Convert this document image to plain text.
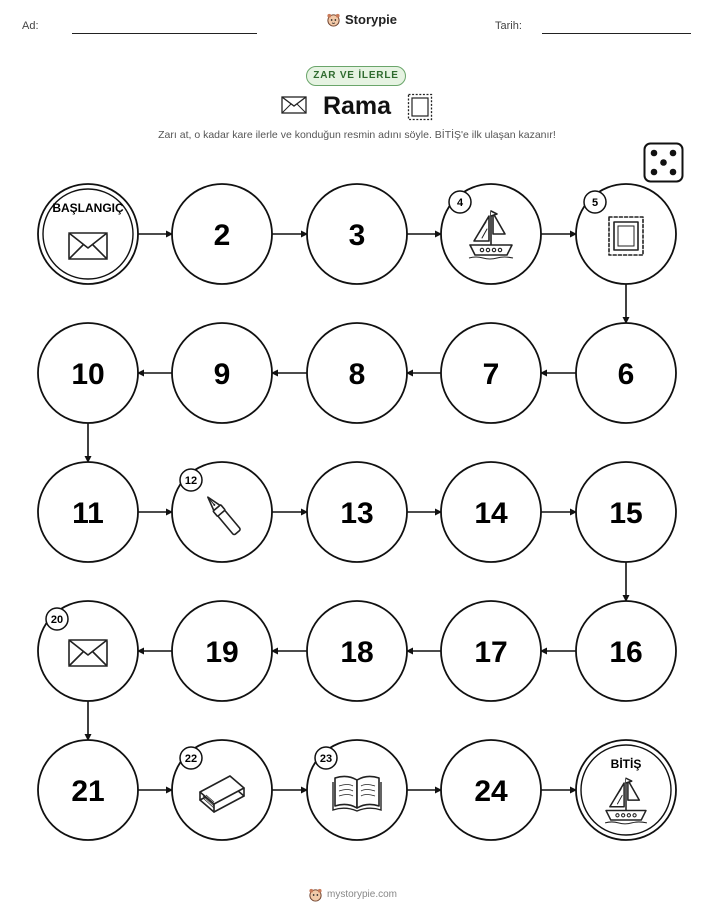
Ad:	Storypie	Tarih:
ZAR VE İLERLE
Rama
Zarı at, o kadar kare ilerle ve konduğun resmin adını söyle. BİTİŞ'e ilk ulaşan kazanır!
BAŞLANGIÇ
2	3
4	5
6
7
8
9
10
11
12
13	14	15
16
17
18
19
20
21
22	23
24
BİTİŞ
mystorypie.com
